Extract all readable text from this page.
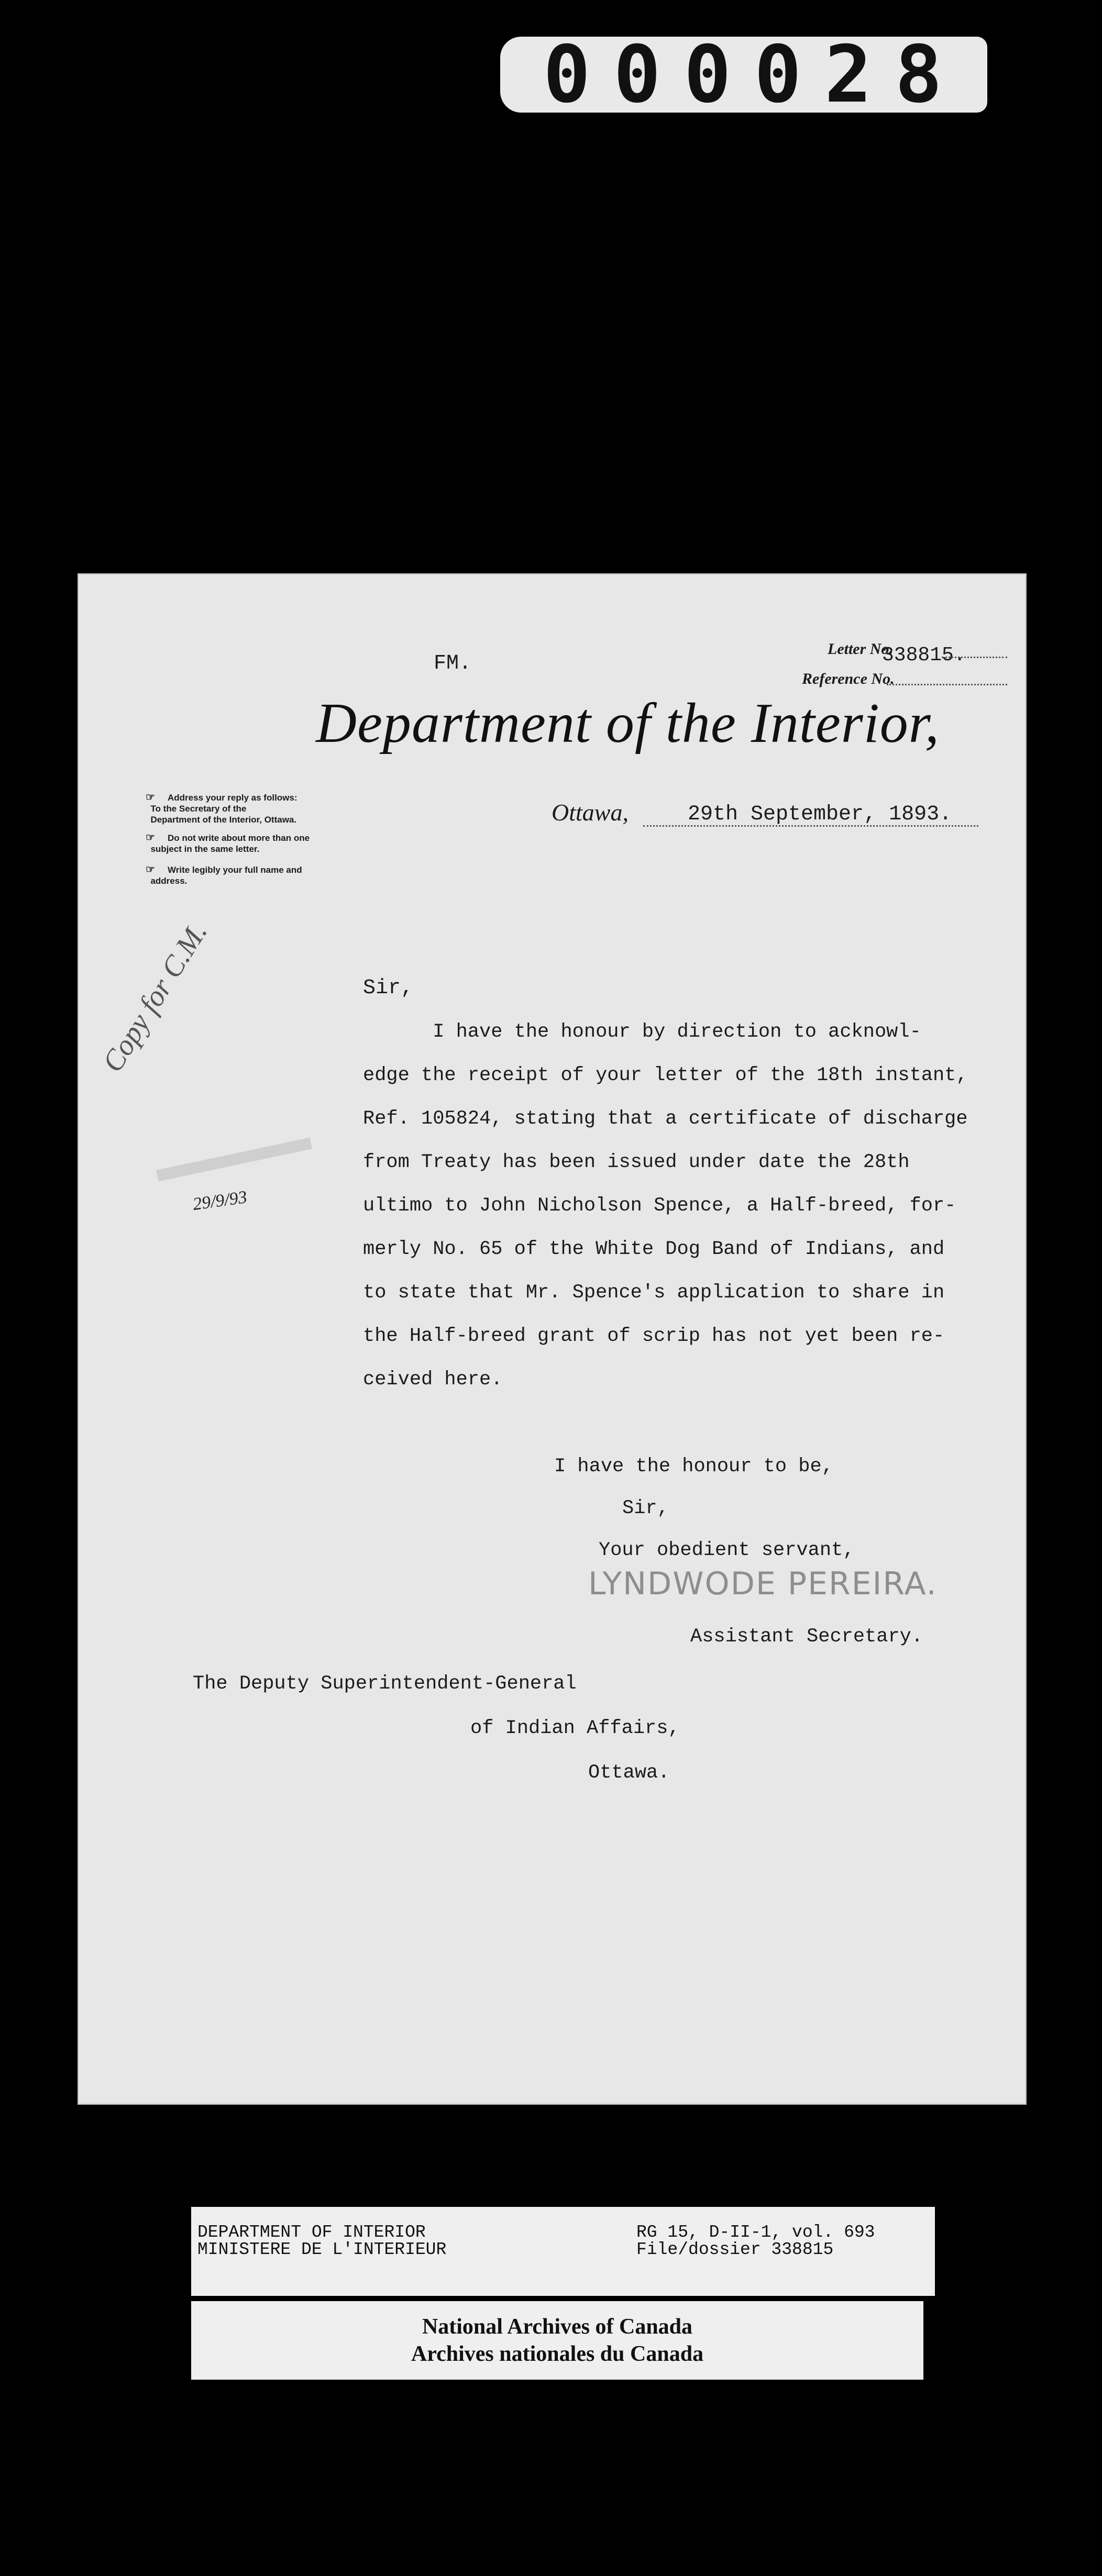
000028
FM.
Letter No.
338815.
Reference No.
Department of the Interior,
☞ Address your reply as follows:
To the Secretary of the
Department of the Interior, Ottawa.
☞ Do not write about more than one
subject in the same letter.
☞ Write legibly your full name and
address.
Ottawa,	29th September, 1893.
Sir,
I have the honour by direction to acknowl-
edge the receipt of your letter of the 18th instant,
Ref. 105824, stating that a certificate of discharge
from Treaty has been issued under date the 28th
ultimo to John Nicholson Spence, a Half-breed, for-
merly No. 65 of the White Dog Band of Indians, and
to state that Mr. Spence's application to share in
the Half-breed grant of scrip has not yet been re-
ceived here.
Copy for C.M.
29/9/93
I have the honour to be,
Sir,
Your obedient servant,
LYNDWODE PEREIRA.
Assistant Secretary.
The Deputy Superintendent-General
of Indian Affairs,
Ottawa.
DEPARTMENT OF INTERIOR
MINISTERE DE L'INTERIEUR
RG 15, D-II-1, vol. 693
File/dossier 338815
National Archives of Canada
Archives nationales du Canada
